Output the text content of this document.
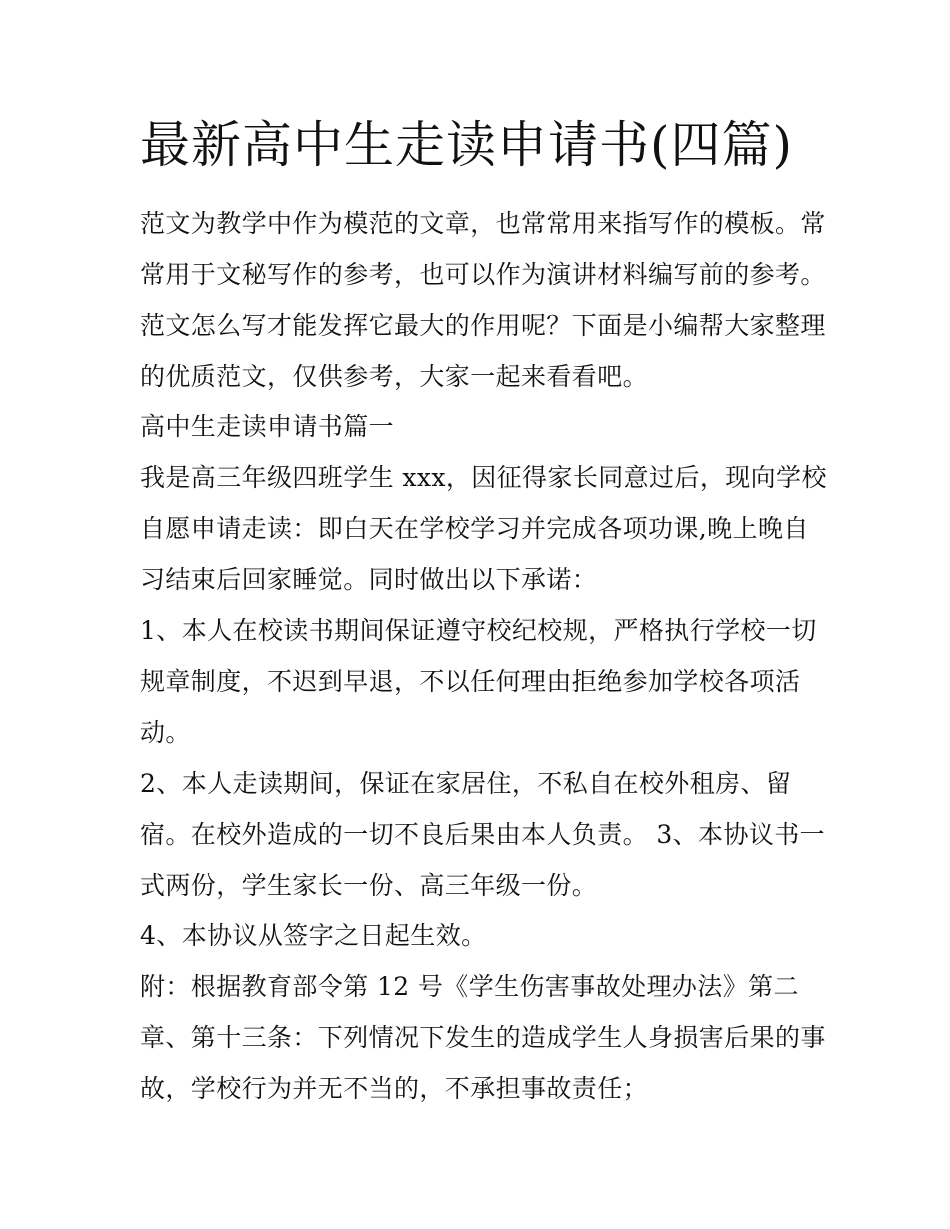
最新高中生走读申请书(四篇)

范文为教学中作为模范的文章，也常常用来指写作的模板。常

常用于文秘写作的参考，也可以作为演讲材料编写前的参考。

范文怎么写才能发挥它最大的作用呢？下面是小编帮大家整理

的优质范文，仅供参考，大家一起来看看吧。

高中生走读申请书篇一

我是高三年级四班学生 xxx，因征得家长同意过后，现向学校

自愿申请走读：即白天在学校学习并完成各项功课,晚上晚自

习结束后回家睡觉。同时做出以下承诺：

1、本人在校读书期间保证遵守校纪校规，严格执行学校一切

规章制度，不迟到早退，不以任何理由拒绝参加学校各项活

动。

2、本人走读期间，保证在家居住，不私自在校外租房、留

宿。在校外造成的一切不良后果由本人负责。 3、本协议书一

式两份，学生家长一份、高三年级一份。

4、本协议从签字之日起生效。

附：根据教育部令第 12 号《学生伤害事故处理办法》第二

章、第十三条：下列情况下发生的造成学生人身损害后果的事

故，学校行为并无不当的，不承担事故责任；
